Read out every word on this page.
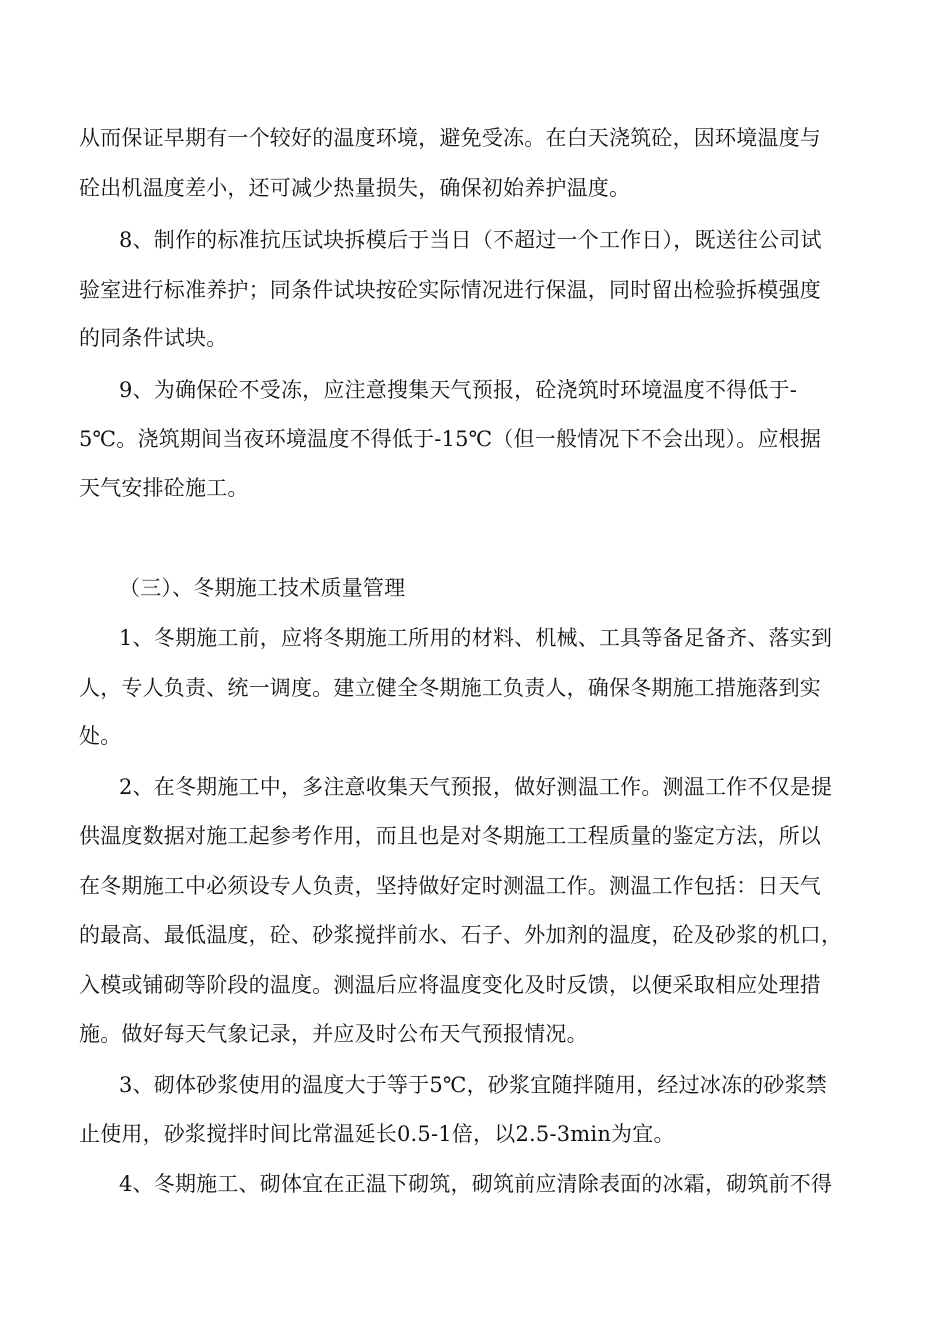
从而保证早期有一个较好的温度环境，避免受冻。在白天浇筑砼，因环境温度与
砼出机温度差小，还可减少热量损失，确保初始养护温度。
8、制作的标准抗压试块拆模后于当日（不超过一个工作日），既送往公司试
验室进行标准养护；同条件试块按砼实际情况进行保温，同时留出检验拆模强度
的同条件试块。
9、为确保砼不受冻，应注意搜集天气预报，砼浇筑时环境温度不得低于-
5℃。浇筑期间当夜环境温度不得低于-15℃（但一般情况下不会出现）。应根据
天气安排砼施工。
（三）、冬期施工技术质量管理
1、冬期施工前，应将冬期施工所用的材料、机械、工具等备足备齐、落实到
人，专人负责、统一调度。建立健全冬期施工负责人，确保冬期施工措施落到实
处。
2、在冬期施工中，多注意收集天气预报，做好测温工作。测温工作不仅是提
供温度数据对施工起参考作用，而且也是对冬期施工工程质量的鉴定方法，所以
在冬期施工中必须设专人负责，坚持做好定时测温工作。测温工作包括：日天气
的最高、最低温度，砼、砂浆搅拌前水、石子、外加剂的温度，砼及砂浆的机口，
入模或铺砌等阶段的温度。测温后应将温度变化及时反馈，以便采取相应处理措
施。做好每天气象记录，并应及时公布天气预报情况。
3、砌体砂浆使用的温度大于等于5℃，砂浆宜随拌随用，经过冰冻的砂浆禁
止使用，砂浆搅拌时间比常温延长0.5-1倍，以2.5-3min为宜。
4、冬期施工、砌体宜在正温下砌筑，砌筑前应清除表面的冰霜，砌筑前不得
